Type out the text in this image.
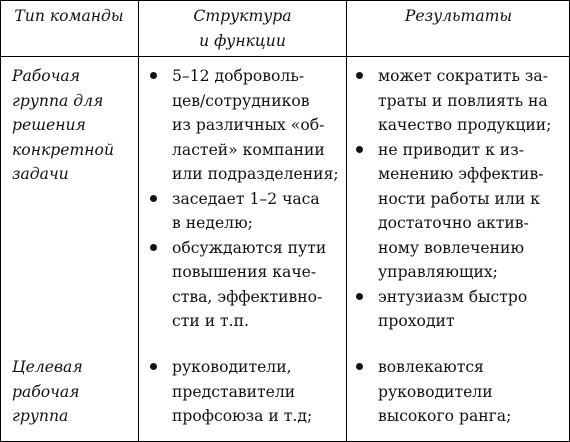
Тип команды	Структура
и функции
Результаты
Рабочая
группа для
решения
конкретной
задачи
5–12 доброволь-
цев/сотрудников
из различных «об-
ластей» компании
или подразделения;
заседает 1–2 часа
в неделю;
обсуждаются пути
повышения каче-
ства, эффективно-
сти и т.п.
может сократить за-
траты и повлиять на
качество продукции;
не приводит к из-
менению эффектив-
ности работы или к
достаточно актив-
ному вовлечению
управляющих;
энтузиазм быстро
проходит
Целевая
рабочая
группа
руководители,
представители
профсоюза и т.д;
вовлекаются
руководители
высокого ранга;
